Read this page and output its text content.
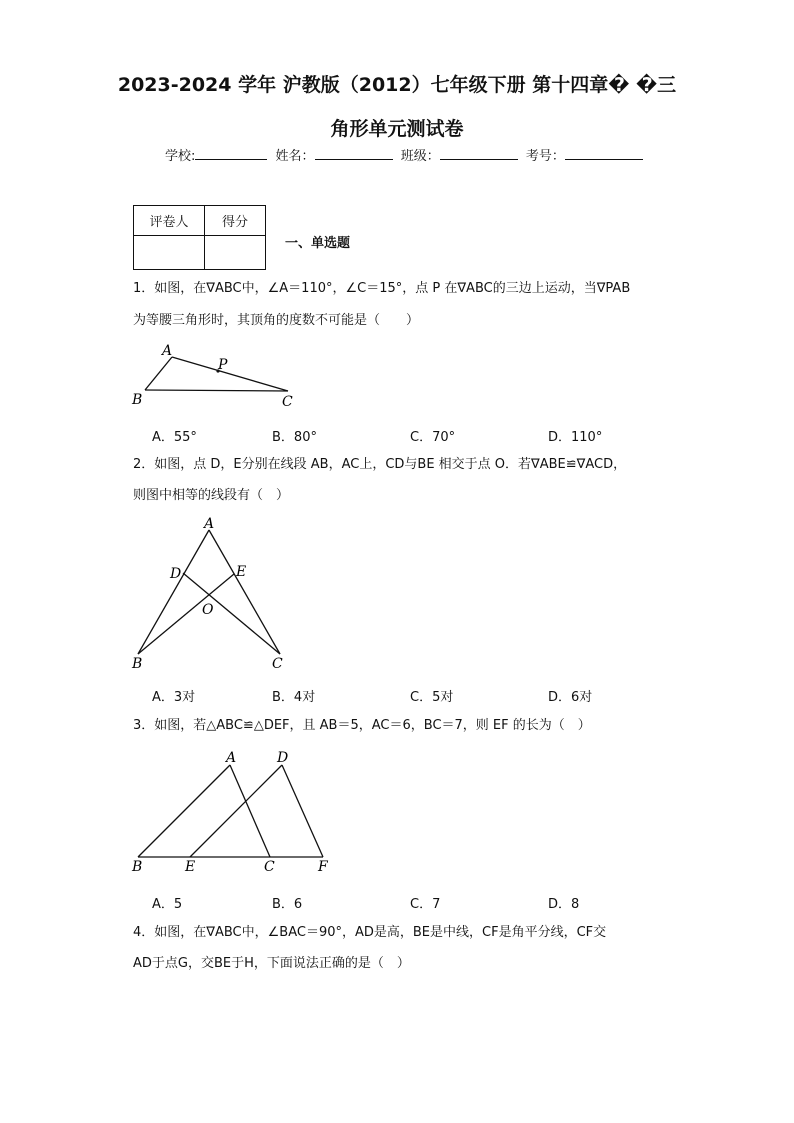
2023-2024 学年 沪教版（2012）七年级下册 第十四章� �三
角形单元测试卷
学校:	姓名：	班级：	考号：
评卷人	得分

一、单选题
1．如图，在∇ABC中，∠A＝110°，∠C＝15°，点 P 在∇ABC的三边上运动，当∇PAB
为等腰三角形时，其顶角的度数不可能是（　　）
A
B	C
P
A．55°	B．80°	C．70°	D．110°
2．如图，点 D，E分别在线段 AB，AC上，CD与BE 相交于点 O．若∇ABE≌∇ACD，
则图中相等的线段有（　）
A
B	C
D	E
O
A．3对	B．4对	C．5对	D．6对
3．如图，若△ABC≌△DEF，且 AB＝5，AC＝6，BC＝7，则 EF 的长为（　）
A	D
B	E	C	F
A．5	B．6	C．7	D．8
4．如图，在∇ABC中，∠BAC＝90°，AD是高，BE是中线，CF是角平分线，CF交
AD于点G，交BE于H，下面说法正确的是（　）
